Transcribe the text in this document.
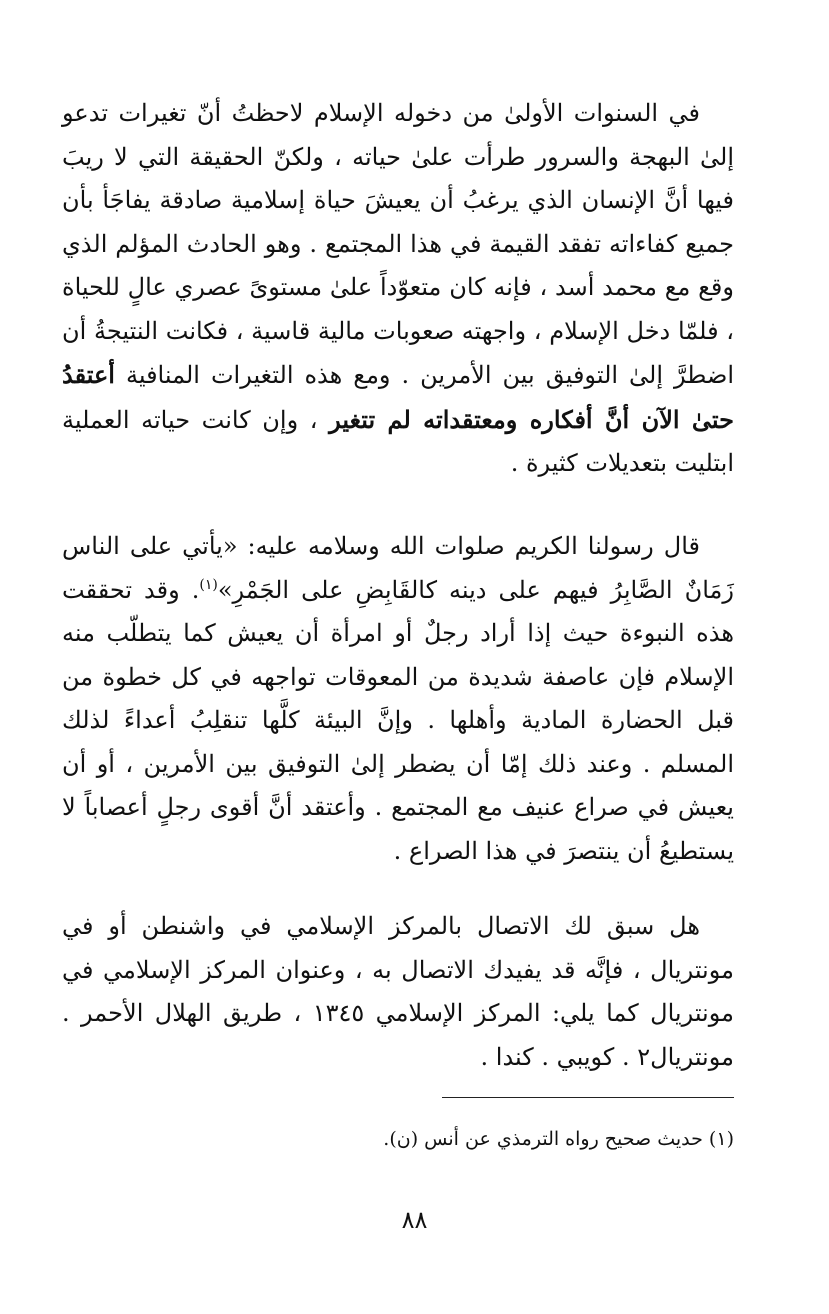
في السنوات الأولىٰ من دخوله الإسلام لاحظتُ أنّ تغيرات تدعو إلىٰ البهجة والسرور طرأت علىٰ حياته ، ولكنّ الحقيقة التي لا ريبَ فيها أنَّ الإنسان الذي يرغبُ أن يعيشَ حياة إسلامية صادقة يفاجَأ بأن جميع كفاءاته تفقد القيمة في هذا المجتمع . وهو الحادث المؤلم الذي وقع مع محمد أسد ، فإنه كان متعوّداً علىٰ مستوىً عصري عالٍ للحياة ، فلمّا دخل الإسلام ، واجهته صعوبات مالية قاسية ، فكانت النتيجةُ أن اضطرَّ إلىٰ التوفيق بين الأمرين . ومع هذه التغيرات المنافية أعتقدُ حتىٰ الآن أنَّ أفكاره ومعتقداته لم تتغير ، وإن كانت حياته العملية ابتليت بتعديلات كثيرة .

قال رسولنا الكريم صلوات الله وسلامه عليه: «يأتي على الناس زَمَانٌ الصَّابِرُ فيهم على دينه كالقَابِضِ على الجَمْرِ»$^{(١)}$. وقد تحققت هذه النبوءة حيث إذا أراد رجلٌ أو امرأة أن يعيش كما يتطلّب منه الإسلام فإن عاصفة شديدة من المعوقات تواجهه في كل خطوة من قبل الحضارة المادية وأهلها . وإنَّ البيئة كلَّها تنقلِبُ أعداءً لذلك المسلم . وعند ذلك إمّا أن يضطر إلىٰ التوفيق بين الأمرين ، أو أن يعيش في صراع عنيف مع المجتمع . وأعتقد أنَّ أقوى رجلٍ أعصاباً لا يستطيعُ أن ينتصرَ في هذا الصراع .

هل سبق لك الاتصال بالمركز الإسلامي في واشنطن أو في مونتريال ، فإنَّه قد يفيدك الاتصال به ، وعنوان المركز الإسلامي في مونتريال كما يلي: المركز الإسلامي ١٣٤٥ ، طريق الهلال الأحمر . مونتريال٢ . كويبي . كندا .

(١) حديث صحيح رواه الترمذي عن أنس (ن).
٨٨
